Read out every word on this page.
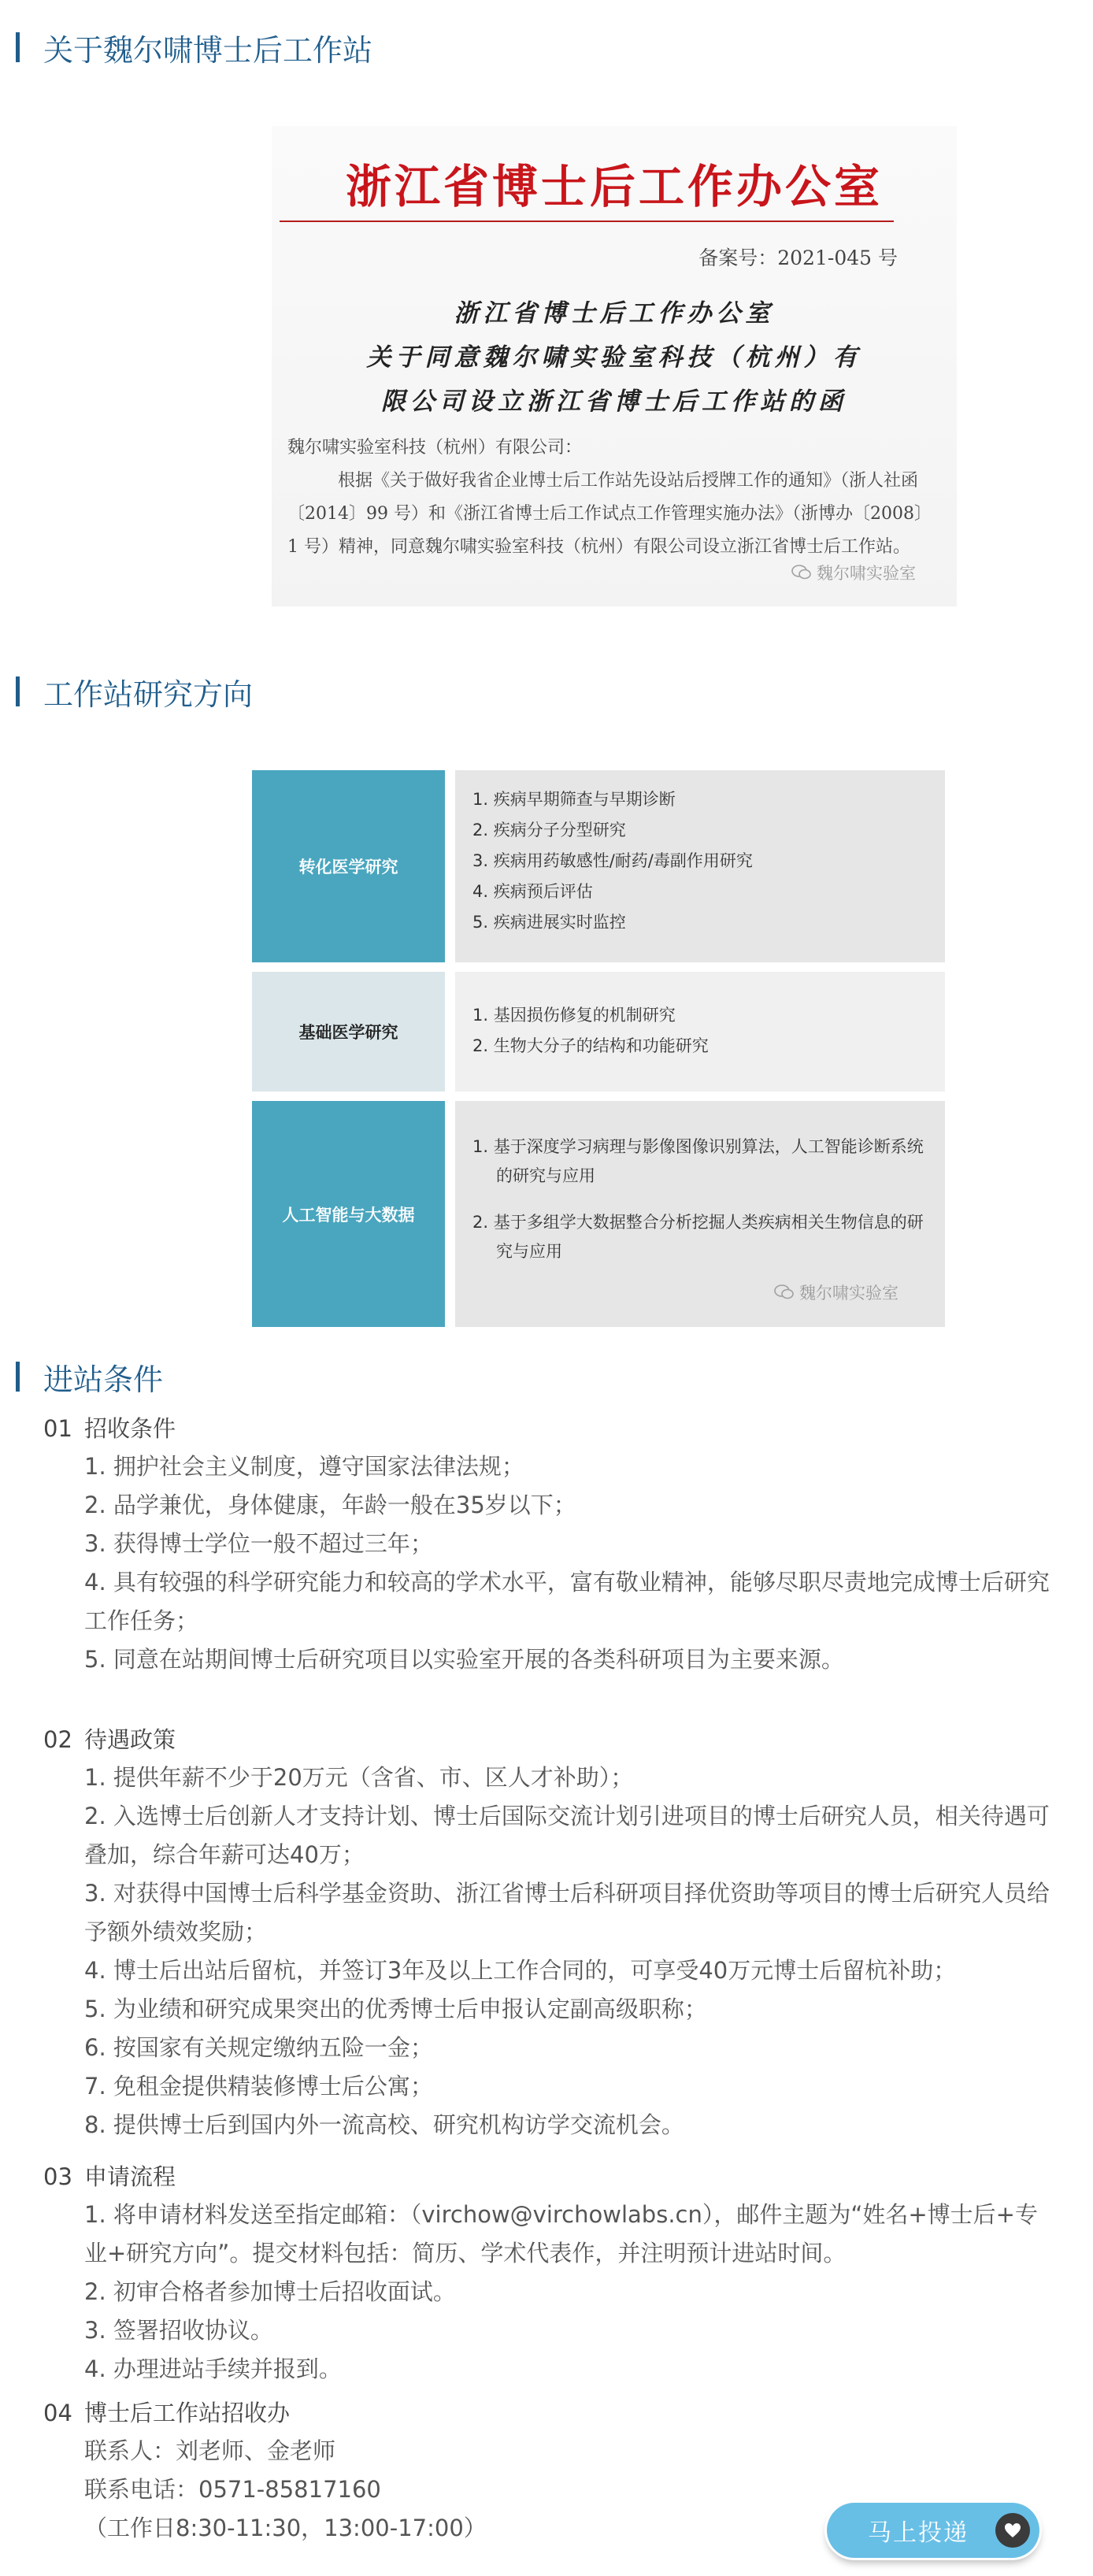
关于魏尔啸博士后工作站
浙江省博士后工作办公室
备案号：2021-045 号
浙江省博士后工作办公室
关于同意魏尔啸实验室科技（杭州）有
限公司设立浙江省博士后工作站的函

魏尔啸实验室科技（杭州）有限公司：

根据《关于做好我省企业博士后工作站先设站后授牌工作的通知》（浙人社函〔2014〕99 号）和《浙江省博士后工作试点工作管理实施办法》（浙博办〔2008〕1 号）精神，同意魏尔啸实验室科技（杭州）有限公司设立浙江省博士后工作站。

魏尔啸实验室
工作站研究方向
转化医学研究
1. 疾病早期筛查与早期诊断
2. 疾病分子分型研究
3. 疾病用药敏感性/耐药/毒副作用研究
4. 疾病预后评估
5. 疾病进展实时监控
基础医学研究
1. 基因损伤修复的机制研究
2. 生物大分子的结构和功能研究
人工智能与大数据
1. 基于深度学习病理与影像图像识别算法，人工智能诊断系统的研究与应用
2. 基于多组学大数据整合分析挖掘人类疾病相关生物信息的研究与应用
魏尔啸实验室
进站条件
01 招收条件

1. 拥护社会主义制度，遵守国家法律法规；

2. 品学兼优，身体健康，年龄一般在35岁以下；

3. 获得博士学位一般不超过三年；

4. 具有较强的科学研究能力和较高的学术水平，富有敬业精神，能够尽职尽责地完成博士后研究工作任务；

5. 同意在站期间博士后研究项目以实验室开展的各类科研项目为主要来源。

02 待遇政策

1. 提供年薪不少于20万元（含省、市、区人才补助）；

2. 入选博士后创新人才支持计划、博士后国际交流计划引进项目的博士后研究人员，相关待遇可叠加，综合年薪可达40万；

3. 对获得中国博士后科学基金资助、浙江省博士后科研项目择优资助等项目的博士后研究人员给予额外绩效奖励；

4. 博士后出站后留杭，并签订3年及以上工作合同的，可享受40万元博士后留杭补助；

5. 为业绩和研究成果突出的优秀博士后申报认定副高级职称；

6. 按国家有关规定缴纳五险一金；

7. 免租金提供精装修博士后公寓；

8. 提供博士后到国内外一流高校、研究机构访学交流机会。

03 申请流程

1. 将申请材料发送至指定邮箱：（virchow@virchowlabs.cn），邮件主题为“姓名+博士后+专业+研究方向”。提交材料包括：简历、学术代表作，并注明预计进站时间。

2. 初审合格者参加博士后招收面试。

3. 签署招收协议。

4. 办理进站手续并报到。

04 博士后工作站招收办

联系人：刘老师、金老师

联系电话：0571-85817160

（工作日8:30-11:30，13:00-17:00）	马上投递
